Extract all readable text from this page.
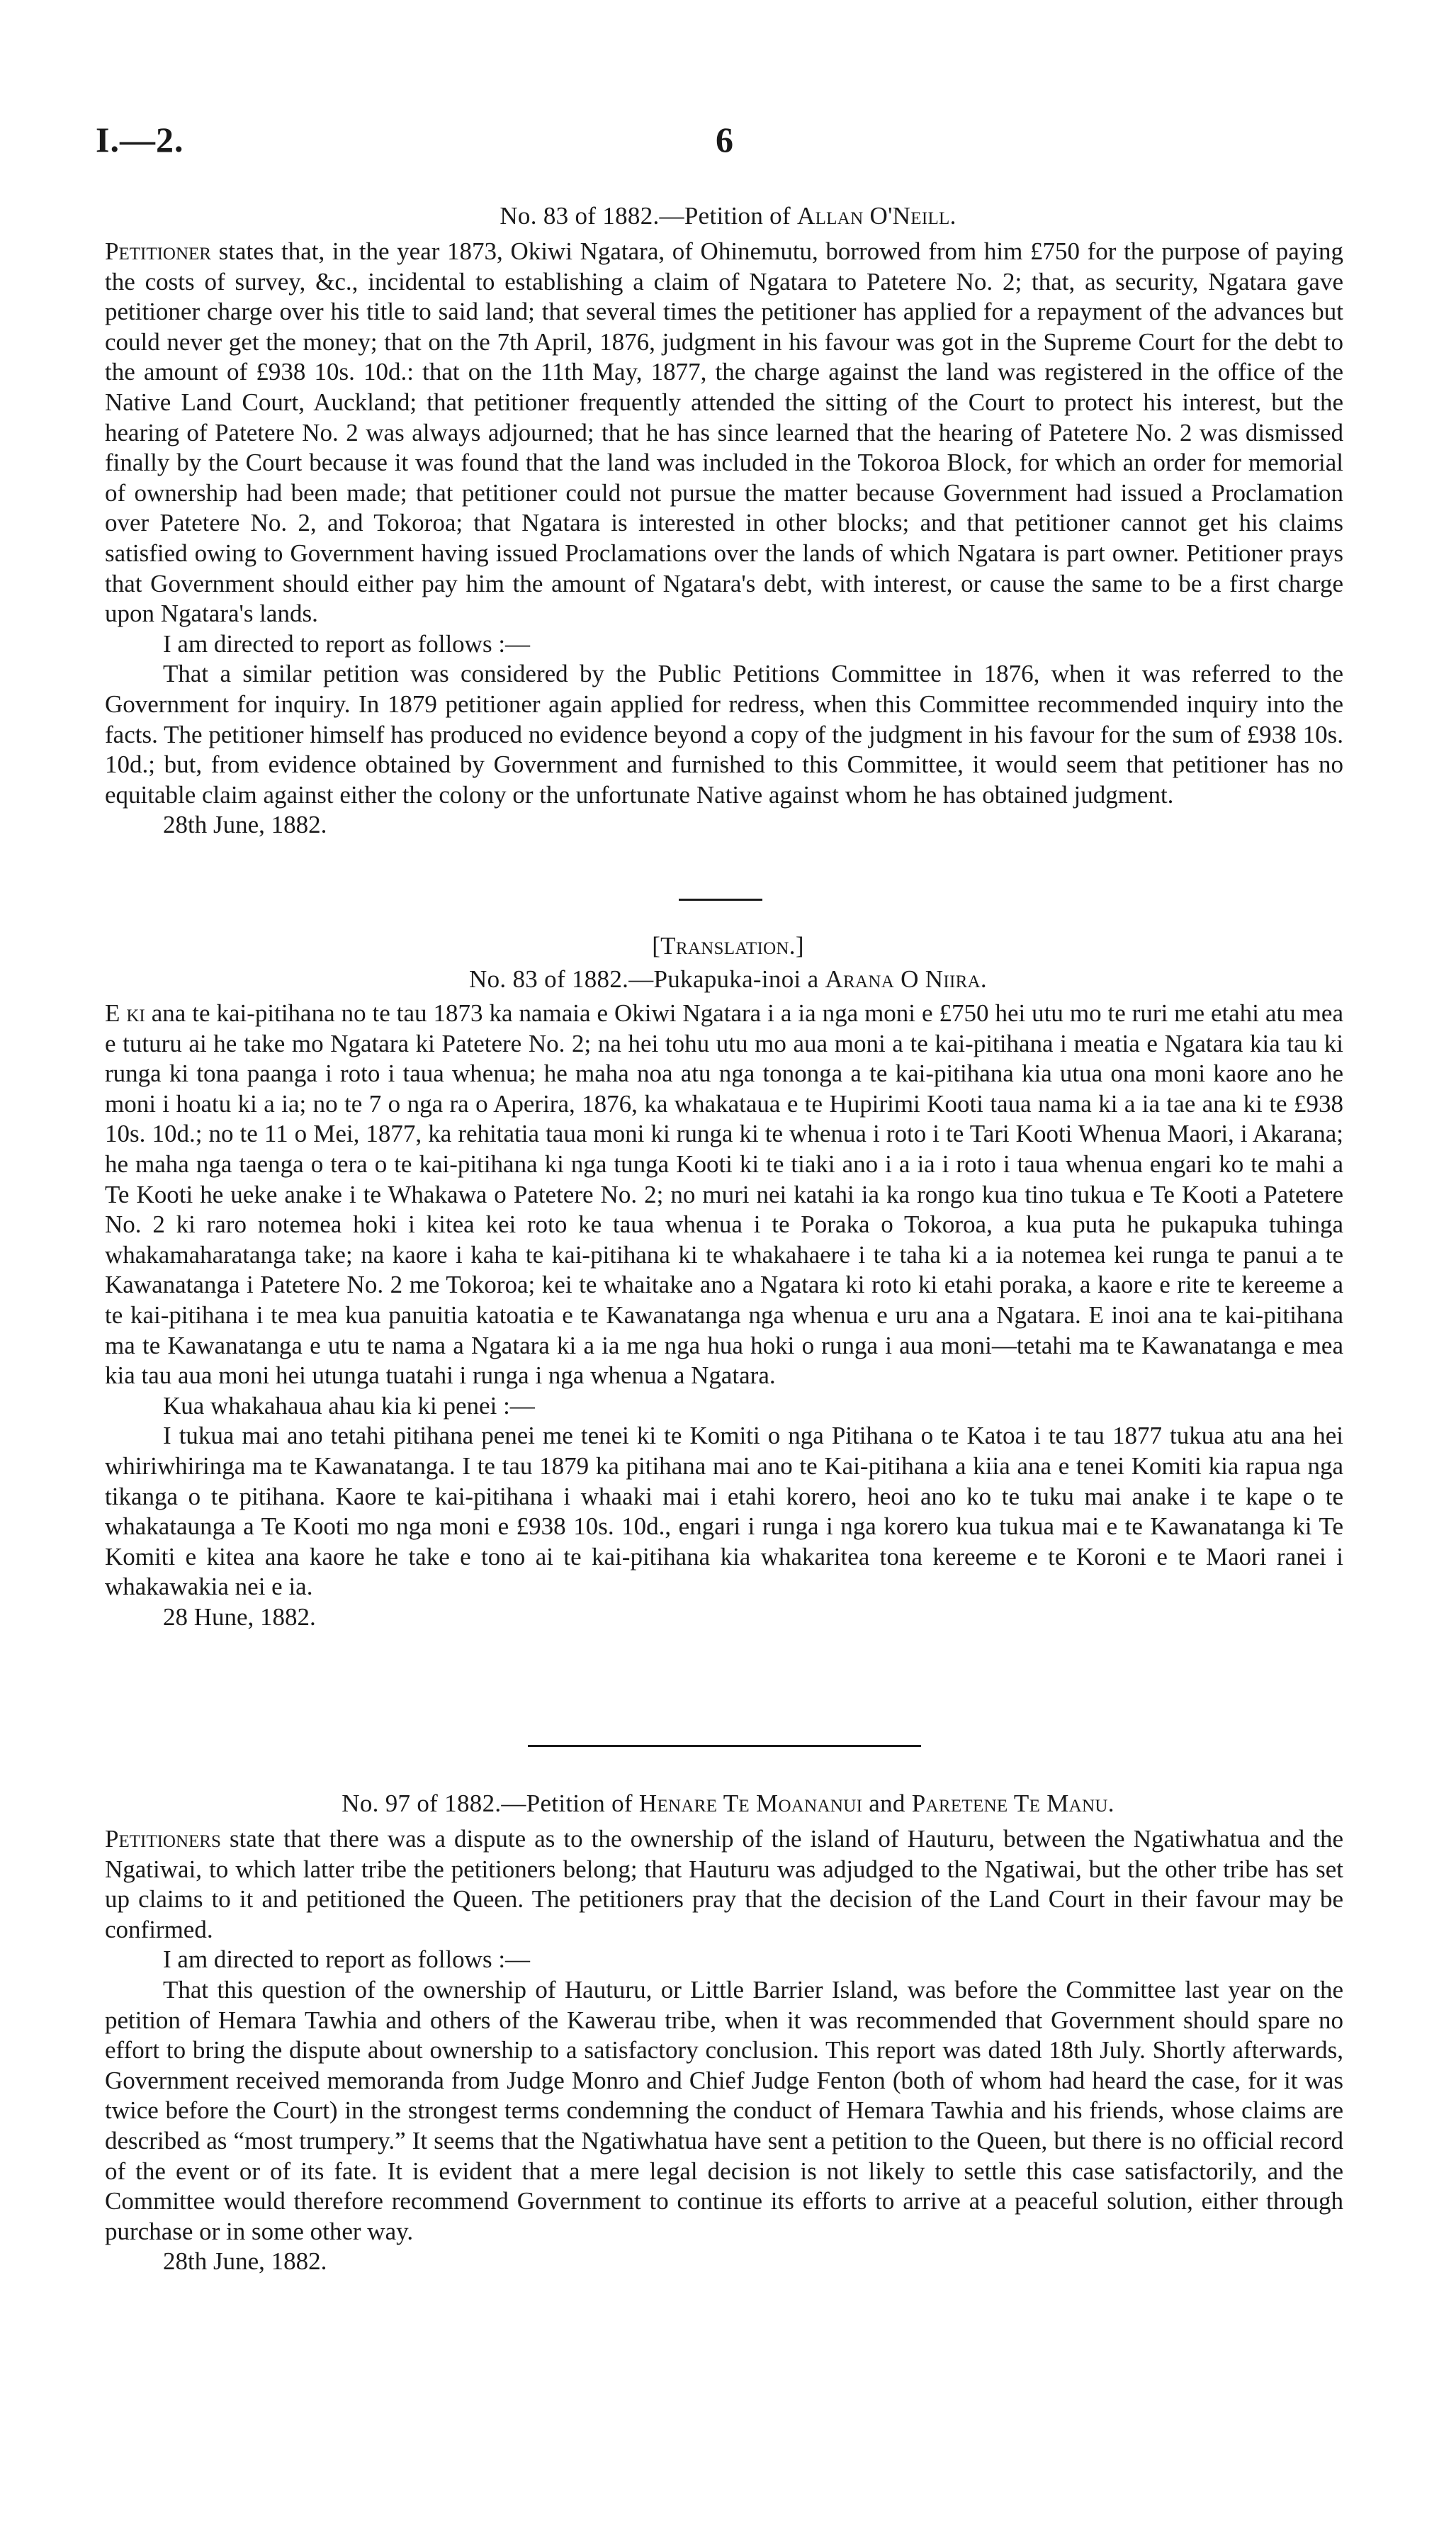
I.—2.	6
No. 83 of 1882.—Petition of Allan O'Neill.

Petitioner states that, in the year 1873, Okiwi Ngatara, of Ohinemutu, borrowed from him £750 for the purpose of paying the costs of survey, &c., incidental to establishing a claim of Ngatara to Patetere No. 2; that, as security, Ngatara gave petitioner charge over his title to said land; that several times the petitioner has applied for a repayment of the advances but could never get the money; that on the 7th April, 1876, judgment in his favour was got in the Supreme Court for the debt to the amount of £938 10s. 10d.: that on the 11th May, 1877, the charge against the land was registered in the office of the Native Land Court, Auckland; that petitioner frequently attended the sitting of the Court to protect his interest, but the hearing of Patetere No. 2 was always adjourned; that he has since learned that the hearing of Patetere No. 2 was dismissed finally by the Court because it was found that the land was included in the Tokoroa Block, for which an order for memorial of ownership had been made; that petitioner could not pursue the matter because Government had issued a Proclamation over Patetere No. 2, and Tokoroa; that Ngatara is interested in other blocks; and that petitioner cannot get his claims satisfied owing to Government having issued Proclamations over the lands of which Ngatara is part owner. Petitioner prays that Government should either pay him the amount of Ngatara's debt, with interest, or cause the same to be a first charge upon Ngatara's lands.

I am directed to report as follows :—

That a similar petition was considered by the Public Petitions Committee in 1876, when it was referred to the Government for inquiry. In 1879 petitioner again applied for redress, when this Committee recommended inquiry into the facts. The petitioner himself has produced no evidence beyond a copy of the judgment in his favour for the sum of £938 10s. 10d.; but, from evidence obtained by Government and furnished to this Committee, it would seem that petitioner has no equitable claim against either the colony or the unfortunate Native against whom he has obtained judgment.

28th June, 1882.

[Translation.]
No. 83 of 1882.—Pukapuka-inoi a Arana O Niira.

E ki ana te kai-pitihana no te tau 1873 ka namaia e Okiwi Ngatara i a ia nga moni e £750 hei utu mo te ruri me etahi atu mea e tuturu ai he take mo Ngatara ki Patetere No. 2; na hei tohu utu mo aua moni a te kai-pitihana i meatia e Ngatara kia tau ki runga ki tona paanga i roto i taua whenua; he maha noa atu nga tononga a te kai-pitihana kia utua ona moni kaore ano he moni i hoatu ki a ia; no te 7 o nga ra o Aperira, 1876, ka whakataua e te Hupirimi Kooti taua nama ki a ia tae ana ki te £938 10s. 10d.; no te 11 o Mei, 1877, ka rehitatia taua moni ki runga ki te whenua i roto i te Tari Kooti Whenua Maori, i Akarana; he maha nga taenga o tera o te kai-pitihana ki nga tunga Kooti ki te tiaki ano i a ia i roto i taua whenua engari ko te mahi a Te Kooti he ueke anake i te Whakawa o Patetere No. 2; no muri nei katahi ia ka rongo kua tino tukua e Te Kooti a Patetere No. 2 ki raro notemea hoki i kitea kei roto ke taua whenua i te Poraka o Tokoroa, a kua puta he pukapuka tuhinga whakamaharatanga take; na kaore i kaha te kai-pitihana ki te whakahaere i te taha ki a ia notemea kei runga te panui a te Kawanatanga i Patetere No. 2 me Tokoroa; kei te whaitake ano a Ngatara ki roto ki etahi poraka, a kaore e rite te kereeme a te kai-pitihana i te mea kua panuitia katoatia e te Kawanatanga nga whenua e uru ana a Ngatara. E inoi ana te kai-pitihana ma te Kawanatanga e utu te nama a Ngatara ki a ia me nga hua hoki o runga i aua moni—tetahi ma te Kawanatanga e mea kia tau aua moni hei utunga tuatahi i runga i nga whenua a Ngatara.

Kua whakahaua ahau kia ki penei :—

I tukua mai ano tetahi pitihana penei me tenei ki te Komiti o nga Pitihana o te Katoa i te tau 1877 tukua atu ana hei whiriwhiringa ma te Kawanatanga. I te tau 1879 ka pitihana mai ano te Kai-pitihana a kiia ana e tenei Komiti kia rapua nga tikanga o te pitihana. Kaore te kai-pitihana i whaaki mai i etahi korero, heoi ano ko te tuku mai anake i te kape o te whakataunga a Te Kooti mo nga moni e £938 10s. 10d., engari i runga i nga korero kua tukua mai e te Kawanatanga ki Te Komiti e kitea ana kaore he take e tono ai te kai-pitihana kia whakaritea tona kereeme e te Koroni e te Maori ranei i whakawakia nei e ia.

28 Hune, 1882.

No. 97 of 1882.—Petition of Henare Te Moananui and Paretene Te Manu.

Petitioners state that there was a dispute as to the ownership of the island of Hauturu, between the Ngatiwhatua and the Ngatiwai, to which latter tribe the petitioners belong; that Hauturu was adjudged to the Ngatiwai, but the other tribe has set up claims to it and petitioned the Queen. The petitioners pray that the decision of the Land Court in their favour may be confirmed.

I am directed to report as follows :—

That this question of the ownership of Hauturu, or Little Barrier Island, was before the Committee last year on the petition of Hemara Tawhia and others of the Kawerau tribe, when it was recommended that Government should spare no effort to bring the dispute about ownership to a satisfactory conclusion. This report was dated 18th July. Shortly afterwards, Government received memoranda from Judge Monro and Chief Judge Fenton (both of whom had heard the case, for it was twice before the Court) in the strongest terms condemning the conduct of Hemara Tawhia and his friends, whose claims are described as “most trumpery.” It seems that the Ngatiwhatua have sent a petition to the Queen, but there is no official record of the event or of its fate. It is evident that a mere legal decision is not likely to settle this case satisfactorily, and the Committee would therefore recommend Government to continue its efforts to arrive at a peaceful solution, either through purchase or in some other way.

28th June, 1882.
